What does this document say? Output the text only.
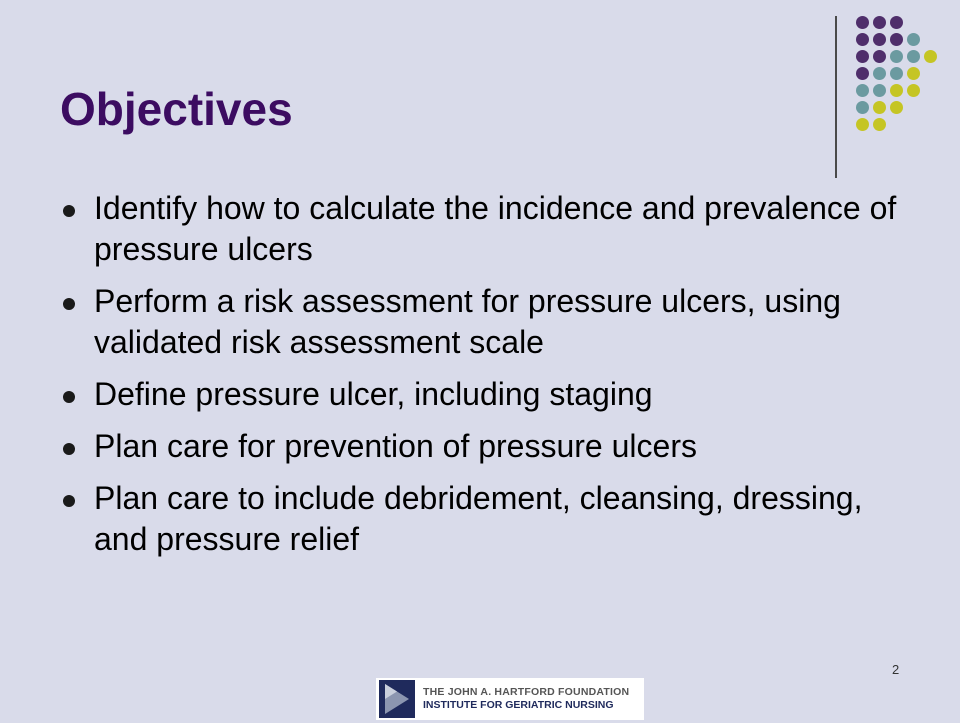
Objectives
Identify how to calculate the incidence and prevalence of pressure ulcers
Perform a risk assessment for pressure ulcers, using validated risk assessment scale
Define pressure ulcer, including staging
Plan care for prevention of pressure ulcers
Plan care to include debridement, cleansing, dressing, and pressure relief
2
THE JOHN A. HARTFORD FOUNDATION
INSTITUTE FOR GERIATRIC NURSING
